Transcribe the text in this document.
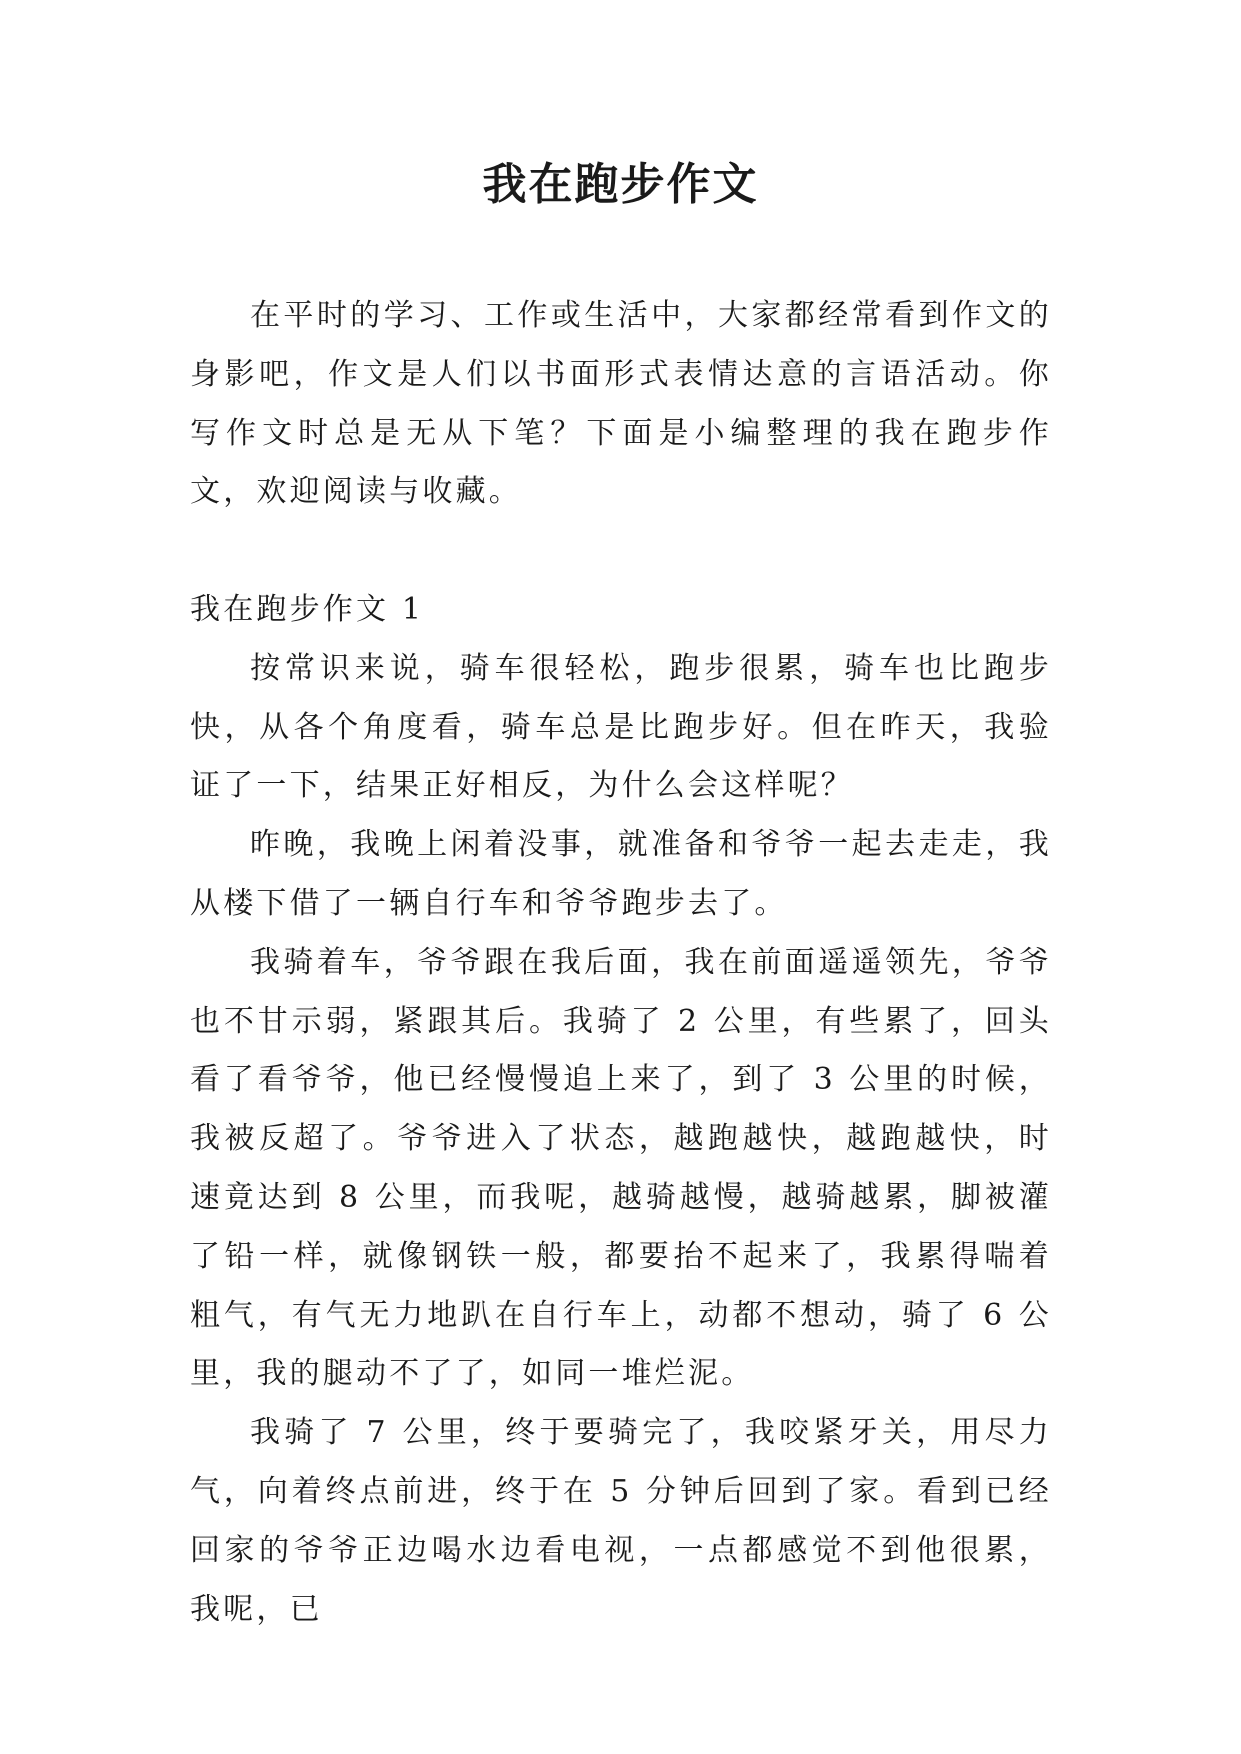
我在跑步作文

在平时的学习、工作或生活中，大家都经常看到作文的身影吧，作文是人们以书面形式表情达意的言语活动。你写作文时总是无从下笔？下面是小编整理的我在跑步作文，欢迎阅读与收藏。

我在跑步作文 1

按常识来说，骑车很轻松，跑步很累，骑车也比跑步快，从各个角度看，骑车总是比跑步好。但在昨天，我验证了一下，结果正好相反，为什么会这样呢？

昨晚，我晚上闲着没事，就准备和爷爷一起去走走，我从楼下借了一辆自行车和爷爷跑步去了。

我骑着车，爷爷跟在我后面，我在前面遥遥领先，爷爷也不甘示弱，紧跟其后。我骑了 2 公里，有些累了，回头看了看爷爷，他已经慢慢追上来了，到了 3 公里的时候，我被反超了。爷爷进入了状态，越跑越快，越跑越快，时速竟达到 8 公里，而我呢，越骑越慢，越骑越累，脚被灌了铅一样，就像钢铁一般，都要抬不起来了，我累得喘着粗气，有气无力地趴在自行车上，动都不想动，骑了 6 公里，我的腿动不了了，如同一堆烂泥。

我骑了 7 公里，终于要骑完了，我咬紧牙关，用尽力气，向着终点前进，终于在 5 分钟后回到了家。看到已经回家的爷爷正边喝水边看电视，一点都感觉不到他很累，我呢，已
